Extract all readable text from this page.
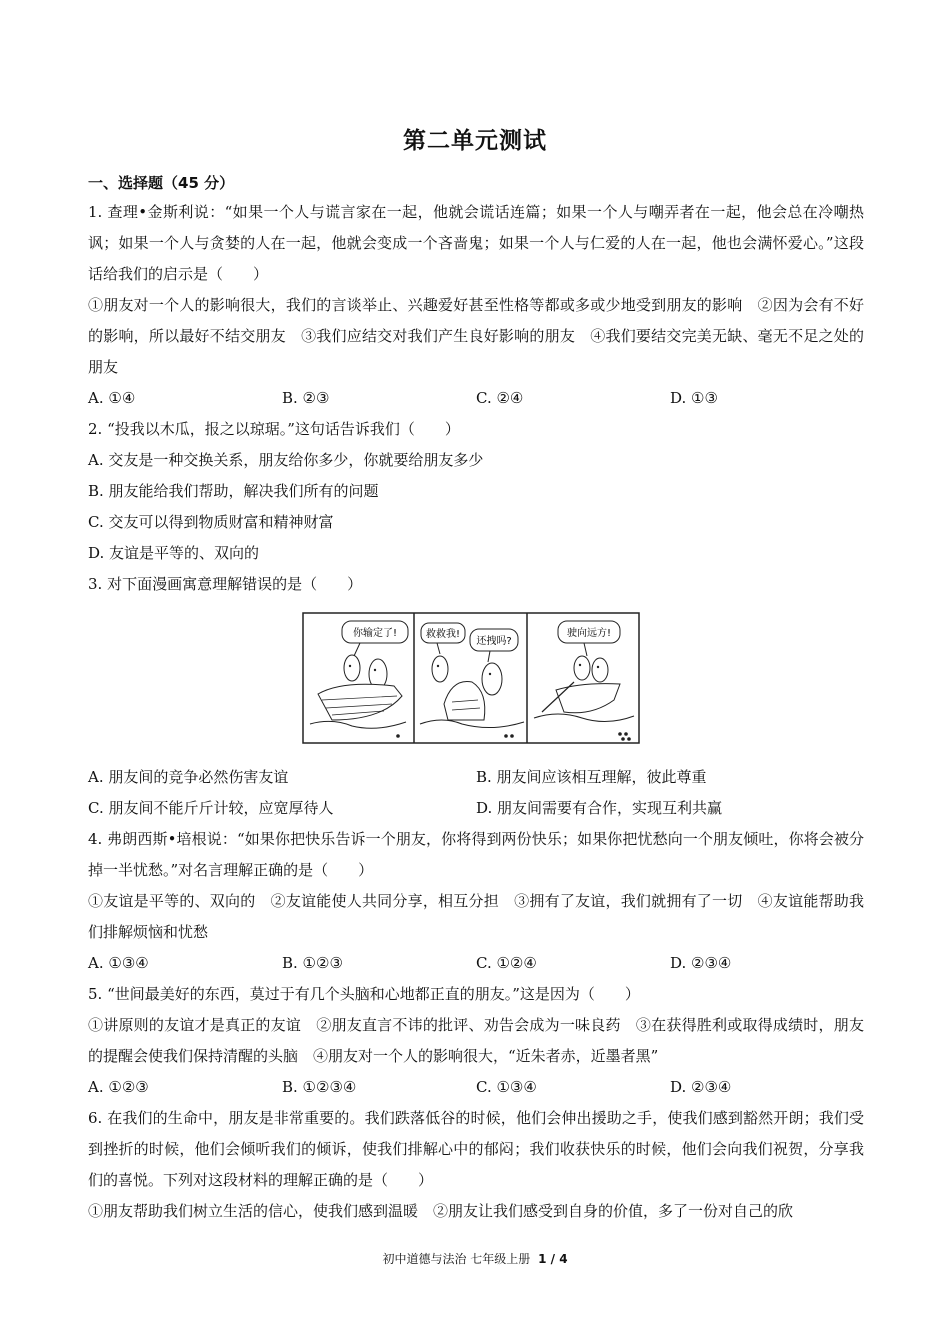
第二单元测试
一、选择题（45 分）

1. 查理•金斯利说：“如果一个人与谎言家在一起，他就会谎话连篇；如果一个人与嘲弄者在一起，他会总在冷嘲热讽；如果一个人与贪婪的人在一起，他就会变成一个吝啬鬼；如果一个人与仁爱的人在一起，他也会满怀爱心。”这段话给我们的启示是（　　）

①朋友对一个人的影响很大，我们的言谈举止、兴趣爱好甚至性格等都或多或少地受到朋友的影响　②因为会有不好的影响，所以最好不结交朋友　③我们应结交对我们产生良好影响的朋友　④我们要结交完美无缺、毫无不足之处的朋友

A. ①④	B. ②③	C. ②④	D. ①③

2. “投我以木瓜，报之以琼琚。”这句话告诉我们（　　）

A. 交友是一种交换关系，朋友给你多少，你就要给朋友多少

B. 朋友能给我们帮助，解决我们所有的问题

C. 交友可以得到物质财富和精神财富

D. 友谊是平等的、双向的

3. 对下面漫画寓意理解错误的是（　　）

你输定了!	救救我!
还拽吗?
驶向远方!
A. 朋友间的竞争必然伤害友谊	B. 朋友间应该相互理解，彼此尊重
C. 朋友间不能斤斤计较，应宽厚待人	D. 朋友间需要有合作，实现互利共赢

4. 弗朗西斯•培根说：“如果你把快乐告诉一个朋友，你将得到两份快乐；如果你把忧愁向一个朋友倾吐，你将会被分掉一半忧愁。”对名言理解正确的是（　　）

①友谊是平等的、双向的　②友谊能使人共同分享，相互分担　③拥有了友谊，我们就拥有了一切　④友谊能帮助我们排解烦恼和忧愁

A. ①③④	B. ①②③	C. ①②④	D. ②③④

5. “世间最美好的东西，莫过于有几个头脑和心地都正直的朋友。”这是因为（　　）

①讲原则的友谊才是真正的友谊　②朋友直言不讳的批评、劝告会成为一味良药　③在获得胜利或取得成绩时，朋友的提醒会使我们保持清醒的头脑　④朋友对一个人的影响很大，“近朱者赤，近墨者黑”

A. ①②③	B. ①②③④	C. ①③④	D. ②③④

6. 在我们的生命中，朋友是非常重要的。我们跌落低谷的时候，他们会伸出援助之手，使我们感到豁然开朗；我们受到挫折的时候，他们会倾听我们的倾诉，使我们排解心中的郁闷；我们收获快乐的时候，他们会向我们祝贺，分享我们的喜悦。下列对这段材料的理解正确的是（　　）

①朋友帮助我们树立生活的信心，使我们感到温暖　②朋友让我们感受到自身的价值，多了一份对自己的欣

初中道德与法治 七年级上册 1 / 4
